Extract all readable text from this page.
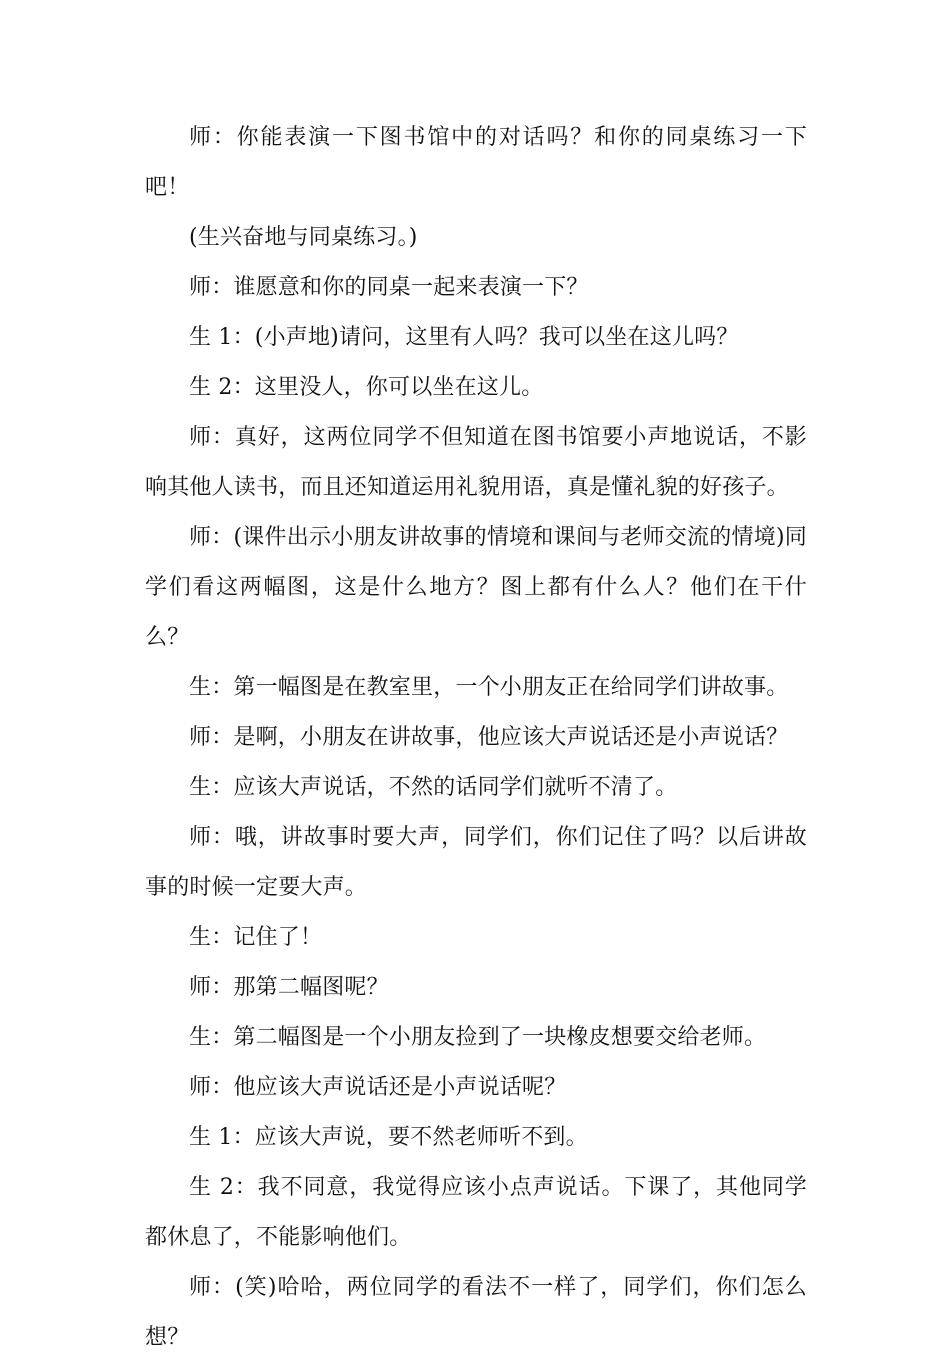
师：你能表演一下图书馆中的对话吗？和你的同桌练习一下吧！

(生兴奋地与同桌练习。)

师：谁愿意和你的同桌一起来表演一下？

生 1：(小声地)请问，这里有人吗？我可以坐在这儿吗？

生 2：这里没人，你可以坐在这儿。

师：真好，这两位同学不但知道在图书馆要小声地说话，不影响其他人读书，而且还知道运用礼貌用语，真是懂礼貌的好孩子。

师：(课件出示小朋友讲故事的情境和课间与老师交流的情境)同学们看这两幅图，这是什么地方？图上都有什么人？他们在干什么？

生：第一幅图是在教室里，一个小朋友正在给同学们讲故事。

师：是啊，小朋友在讲故事，他应该大声说话还是小声说话？

生：应该大声说话，不然的话同学们就听不清了。

师：哦，讲故事时要大声，同学们，你们记住了吗？以后讲故事的时候一定要大声。

生：记住了！

师：那第二幅图呢？

生：第二幅图是一个小朋友捡到了一块橡皮想要交给老师。

师：他应该大声说话还是小声说话呢？

生 1：应该大声说，要不然老师听不到。

生 2：我不同意，我觉得应该小点声说话。下课了，其他同学都休息了，不能影响他们。

师：(笑)哈哈，两位同学的看法不一样了，同学们，你们怎么想？
